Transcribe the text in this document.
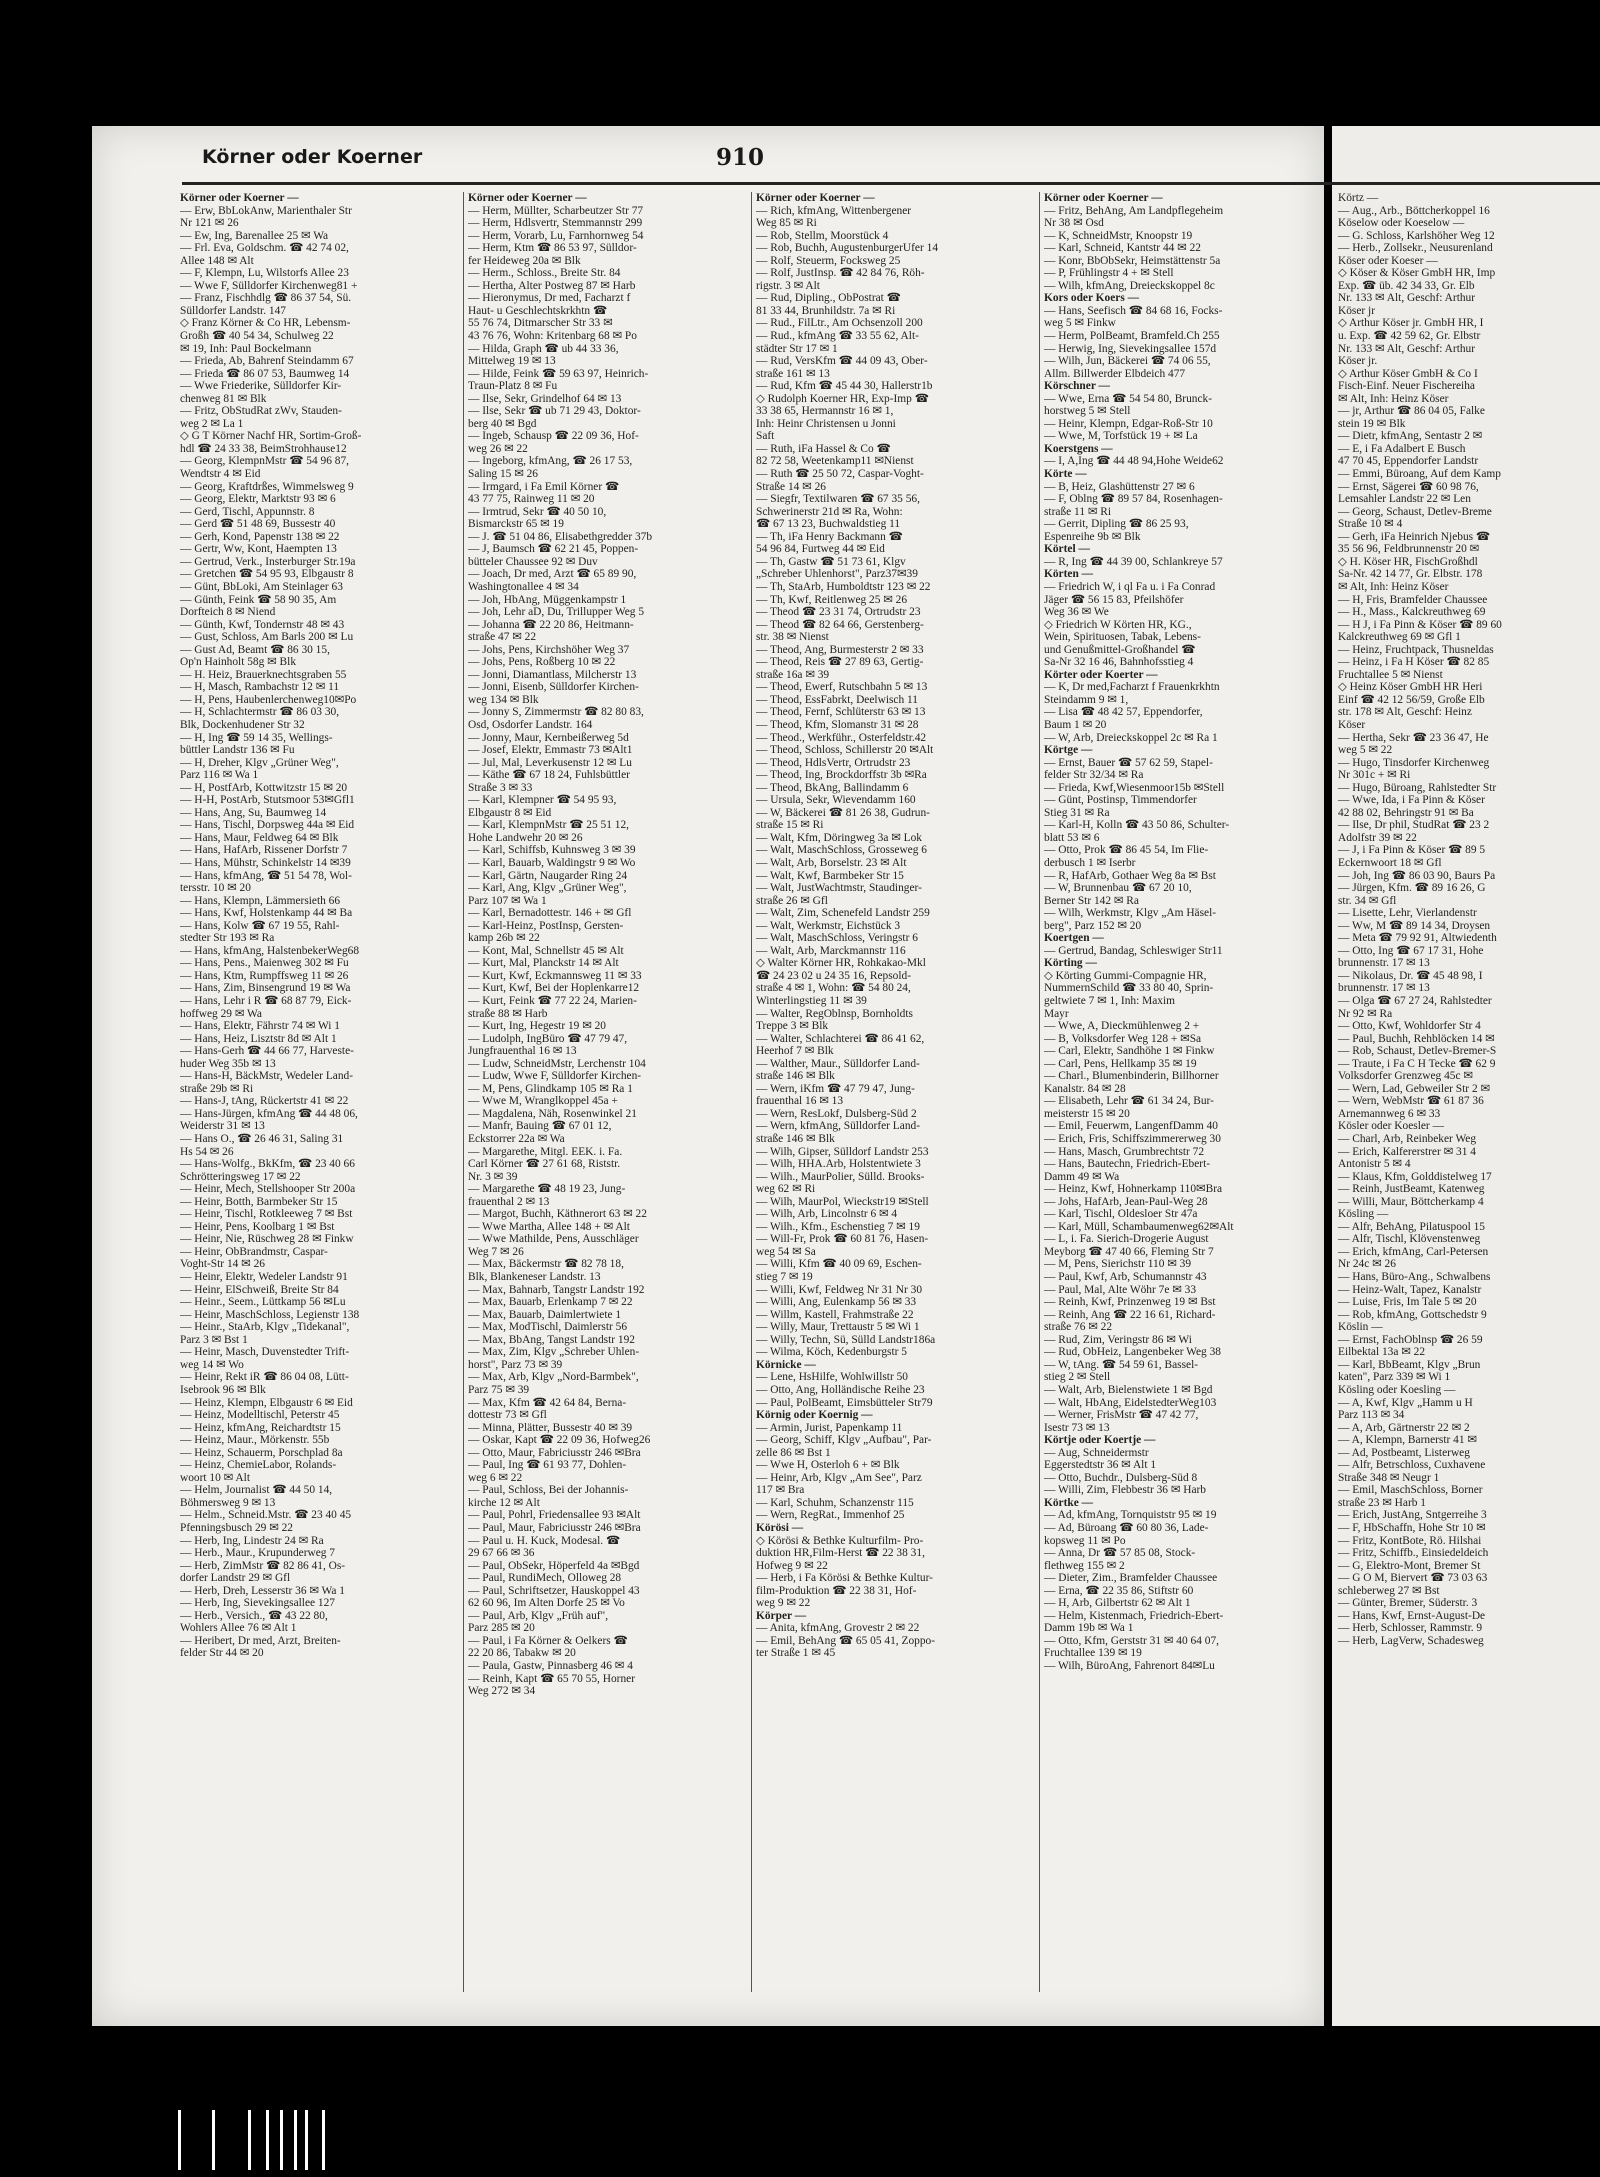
Körner oder Koerner	910
Körner oder Koerner —
— Erw, BbLokAnw, Marienthaler Str
Nr 121 ✉ 26
— Ew, Ing, Barenallee 25 ✉ Wa
— Frl. Eva, Goldschm. ☎ 42 74 02,
Allee 148 ✉ Alt
— F, Klempn, Lu, Wilstorfs Allee 23
— Wwe F, Sülldorfer Kirchenweg81 +
— Franz, Fischhdlg ☎ 86 37 54, Sü.
Sülldorfer Landstr. 147
◇ Franz Körner & Co HR, Lebensm-
Großh ☎ 40 54 34, Schulweg 22
✉ 19, Inh: Paul Bockelmann
— Frieda, Ab, Bahrenf Steindamm 67
— Frieda ☎ 86 07 53, Baumweg 14
— Wwe Friederike, Sülldorfer Kir-
chenweg 81 ✉ Blk
— Fritz, ObStudRat zWv, Stauden-
weg 2 ✉ La 1
◇ G T Körner Nachf HR, Sortim-Groß-
hdl ☎ 24 33 38, BeimStrohhause12
— Georg, KlempnMstr ☎ 54 96 87,
Wendtstr 4 ✉ Eid
— Georg, Kraftdrßes, Wimmelsweg 9
— Georg, Elektr, Marktstr 93 ✉ 6
— Gerd, Tischl, Appunnstr. 8
— Gerd ☎ 51 48 69, Bussestr 40
— Gerh, Kond, Papenstr 138 ✉ 22
— Gertr, Ww, Kont, Haempten 13
— Gertrud, Verk., Insterburger Str.19a
— Gretchen ☎ 54 95 93, Elbgaustr 8
— Günt, BbLoki, Am Steinlager 63
— Günth, Feink ☎ 58 90 35, Am
Dorfteich 8 ✉ Niend
— Günth, Kwf, Tondernstr 48 ✉ 43
— Gust, Schloss, Am Barls 200 ✉ Lu
— Gust Ad, Beamt ☎ 86 30 15,
Op'n Hainholt 58g ✉ Blk
— H. Heiz, Brauerknechtsgraben 55
— H, Masch, Rambachstr 12 ✉ 11
— H, Pens, Haubenlerchenweg10✉Po
— H, Schlachtermstr ☎ 86 03 30,
Blk, Dockenhudener Str 32
— H, Ing ☎ 59 14 35, Wellings-
büttler Landstr 136 ✉ Fu
— H, Dreher, Klgv „Grüner Weg",
Parz 116 ✉ Wa 1
— H, PostfArb, Kottwitzstr 15 ✉ 20
— H-H, PostArb, Stutsmoor 53✉Gfl1
— Hans, Ang, Su, Baumweg 14
— Hans, Tischl, Dorpsweg 44a ✉ Eid
— Hans, Maur, Feldweg 64 ✉ Blk
— Hans, HafArb, Rissener Dorfstr 7
— Hans, Mühstr, Schinkelstr 14 ✉39
— Hans, kfmAng, ☎ 51 54 78, Wol-
tersstr. 10 ✉ 20
— Hans, Klempn, Lämmersieth 66
— Hans, Kwf, Holstenkamp 44 ✉ Ba
— Hans, Kolw ☎ 67 19 55, Rahl-
stedter Str 193 ✉ Ra
— Hans, kfmAng, HalstenbekerWeg68
— Hans, Pens., Maienweg 302 ✉ Fu
— Hans, Ktm, Rumpffsweg 11 ✉ 26
— Hans, Zim, Binsengrund 19 ✉ Wa
— Hans, Lehr i R ☎ 68 87 79, Eick-
hoffweg 29 ✉ Wa
— Hans, Elektr, Fährstr 74 ✉ Wi 1
— Hans, Heiz, Lisztstr 8d ✉ Alt 1
— Hans-Gerh ☎ 44 66 77, Harveste-
huder Weg 35b ✉ 13
— Hans-H, BäckMstr, Wedeler Land-
straße 29b ✉ Ri
— Hans-J, tAng, Rückertstr 41 ✉ 22
— Hans-Jürgen, kfmAng ☎ 44 48 06,
Weiderstr 31 ✉ 13
— Hans O., ☎ 26 46 31, Saling 31
Hs 54 ✉ 26
— Hans-Wolfg., BkKfm, ☎ 23 40 66
Schrötteringsweg 17 ✉ 22
— Heinr, Mech, Stellshooper Str 200a
— Heinr, Botth, Barmbeker Str 15
— Heinr, Tischl, Rotkleeweg 7 ✉ Bst
— Heinr, Pens, Koolbarg 1 ✉ Bst
— Heinr, Nie, Rüschweg 28 ✉ Finkw
— Heinr, ObBrandmstr, Caspar-
Voght-Str 14 ✉ 26
— Heinr, Elektr, Wedeler Landstr 91
— Heinr, ElSchweiß, Breite Str 84
— Heinr., Seem., Lüttkamp 56 ✉Lu
— Heinr, MaschSchloss, Legienstr 138
— Heinr., StaArb, Klgv „Tidekanal",
Parz 3 ✉ Bst 1
— Heinr, Masch, Duvenstedter Trift-
weg 14 ✉ Wo
— Heinr, Rekt iR ☎ 86 04 08, Lütt-
Isebrook 96 ✉ Blk
— Heinz, Klempn, Elbgaustr 6 ✉ Eid
— Heinz, Modelltischl, Peterstr 45
— Heinz, kfmAng, Reichardtstr 15
— Heinz, Maur., Mörkenstr. 55b
— Heinz, Schauerm, Porschplad 8a
— Heinz, ChemieLabor, Rolands-
woort 10 ✉ Alt
— Helm, Journalist ☎ 44 50 14,
Böhmersweg 9 ✉ 13
— Helm., Schneid.Mstr. ☎ 23 40 45
Pfenningsbusch 29 ✉ 22
— Herb, Ing, Lindestr 24 ✉ Ra
— Herb., Maur., Krupunderweg 7
— Herb, ZimMstr ☎ 82 86 41, Os-
dorfer Landstr 29 ✉ Gfl
— Herb, Dreh, Lesserstr 36 ✉ Wa 1
— Herb, Ing, Sievekingsallee 127
— Herb., Versich., ☎ 43 22 80,
Wohlers Allee 76 ✉ Alt 1
— Heribert, Dr med, Arzt, Breiten-
felder Str 44 ✉ 20
Körner oder Koerner —
— Herm, Müllter, Scharbeutzer Str 77
— Herm, Hdlsvertr, Stemmannstr 299
— Herm, Vorarb, Lu, Farnhornweg 54
— Herm, Ktm ☎ 86 53 97, Sülldor-
fer Heideweg 20a ✉ Blk
— Herm., Schloss., Breite Str. 84
— Hertha, Alter Postweg 87 ✉ Harb
— Hieronymus, Dr med, Facharzt f
Haut- u Geschlechtskrkhtn ☎
55 76 74, Ditmarscher Str 33 ✉
43 76 76, Wohn: Kritenbarg 68 ✉ Po
— Hilda, Graph ☎ ub 44 33 36,
Mittelweg 19 ✉ 13
— Hilde, Feink ☎ 59 63 97, Heinrich-
Traun-Platz 8 ✉ Fu
— Ilse, Sekr, Grindelhof 64 ✉ 13
— Ilse, Sekr ☎ ub 71 29 43, Doktor-
berg 40 ✉ Bgd
— Ingeb, Schausp ☎ 22 09 36, Hof-
weg 26 ✉ 22
— Ingeborg, kfmAng, ☎ 26 17 53,
Saling 15 ✉ 26
— Irmgard, i Fa Emil Körner ☎
43 77 75, Rainweg 11 ✉ 20
— Irmtrud, Sekr ☎ 40 50 10,
Bismarckstr 65 ✉ 19
— J. ☎ 51 04 86, Elisabethgredder 37b
— J, Baumsch ☎ 62 21 45, Poppen-
bütteler Chaussee 92 ✉ Duv
— Joach, Dr med, Arzt ☎ 65 89 90,
Washingtonallee 4 ✉ 34
— Joh, HbAng, Müggenkampstr 1
— Joh, Lehr aD, Du, Trillupper Weg 5
— Johanna ☎ 22 20 86, Heitmann-
straße 47 ✉ 22
— Johs, Pens, Kirchshöher Weg 37
— Johs, Pens, Roßberg 10 ✉ 22
— Jonni, Diamantlass, Milcherstr 13
— Jonni, Eisenb, Sülldorfer Kirchen-
weg 134 ✉ Blk
— Jonny S, Zimmermstr ☎ 82 80 83,
Osd, Osdorfer Landstr. 164
— Jonny, Maur, Kernbeißerweg 5d
— Josef, Elektr, Emmastr 73 ✉Alt1
— Jul, Mal, Leverkusenstr 12 ✉ Lu
— Käthe ☎ 67 18 24, Fuhlsbüttler
Straße 3 ✉ 33
— Karl, Klempner ☎ 54 95 93,
Elbgaustr 8 ✉ Eid
— Karl, KlempnMstr ☎ 25 51 12,
Hohe Landwehr 20 ✉ 26
— Karl, Schiffsb, Kuhnsweg 3 ✉ 39
— Karl, Bauarb, Waldingstr 9 ✉ Wo
— Karl, Gärtn, Naugarder Ring 24
— Karl, Ang, Klgv „Grüner Weg",
Parz 107 ✉ Wa 1
— Karl, Bernadottestr. 146 + ✉ Gfl
— Karl-Heinz, PostInsp, Gersten-
kamp 26b ✉ 22
— Kont, Mal, Schnellstr 45 ✉ Alt
— Kurt, Mal, Planckstr 14 ✉ Alt
— Kurt, Kwf, Eckmannsweg 11 ✉ 33
— Kurt, Kwf, Bei der Hoplenkarre12
— Kurt, Feink ☎ 77 22 24, Marien-
straße 88 ✉ Harb
— Kurt, Ing, Hegestr 19 ✉ 20
— Ludolph, IngBüro ☎ 47 79 47,
Jungfrauenthal 16 ✉ 13
— Ludw, SchneidMstr, Lerchenstr 104
— Ludw, Wwe F, Sülldorfer Kirchen-
— M, Pens, Glindkamp 105 ✉ Ra 1
— Wwe M, Wranglkoppel 45a +
— Magdalena, Näh, Rosenwinkel 21
— Manfr, Bauing ☎ 67 01 12,
Eckstorrer 22a ✉ Wa
— Margarethe, Mitgl. EEK. i. Fa.
Carl Körner ☎ 27 61 68, Riststr.
Nr. 3 ✉ 39
— Margarethe ☎ 48 19 23, Jung-
frauenthal 2 ✉ 13
— Margot, Buchh, Käthnerort 63 ✉ 22
— Wwe Martha, Allee 148 + ✉ Alt
— Wwe Mathilde, Pens, Ausschläger
Weg 7 ✉ 26
— Max, Bäckermstr ☎ 82 78 18,
Blk, Blankeneser Landstr. 13
— Max, Bahnarb, Tangstr Landstr 192
— Max, Bauarb, Erlenkamp 7 ✉ 22
— Max, Bauarb, Daimlertwiete 1
— Max, ModTischl, Daimlerstr 56
— Max, BbAng, Tangst Landstr 192
— Max, Zim, Klgv „Schreber Uhlen-
horst", Parz 73 ✉ 39
— Max, Arb, Klgv „Nord-Barmbek",
Parz 75 ✉ 39
— Max, Kfm ☎ 42 64 84, Berna-
dottestr 73 ✉ Gfl
— Minna, Plätter, Bussestr 40 ✉ 39
— Oskar, Kapt ☎ 22 09 36, Hofweg26
— Otto, Maur, Fabriciusstr 246 ✉Bra
— Paul, Ing ☎ 61 93 77, Dohlen-
weg 6 ✉ 22
— Paul, Schloss, Bei der Johannis-
kirche 12 ✉ Alt
— Paul, Pohrl, Friedensallee 93 ✉Alt
— Paul, Maur, Fabriciusstr 246 ✉Bra
— Paul u. H. Kuck, Modesal. ☎
29 67 66 ✉ 36
— Paul, ObSekr, Höperfeld 4a ✉Bgd
— Paul, RundiMech, Olloweg 28
— Paul, Schriftsetzer, Hauskoppel 43
62 60 96, Im Alten Dorfe 25 ✉ Vo
— Paul, Arb, Klgv „Früh auf",
Parz 285 ✉ 20
— Paul, i Fa Körner & Oelkers ☎
22 20 86, Tabakw ✉ 20
— Paula, Gastw, Pinnasberg 46 ✉ 4
— Reinh, Kapt ☎ 65 70 55, Horner
Weg 272 ✉ 34
Körner oder Koerner —
— Rich, kfmAng, Wittenbergener
Weg 85 ✉ Ri
— Rob, Stellm, Moorstück 4
— Rob, Buchh, AugustenburgerUfer 14
— Rolf, Steuerm, Focksweg 25
— Rolf, JustInsp. ☎ 42 84 76, Röh-
rigstr. 3 ✉ Alt
— Rud, Dipling., ObPostrat ☎
81 33 44, Brunhildstr. 7a ✉ Ri
— Rud., FilLtr., Am Ochsenzoll 200
— Rud., kfmAng ☎ 33 55 62, Alt-
städter Str 17 ✉ 1
— Rud, VersKfm ☎ 44 09 43, Ober-
straße 161 ✉ 13
— Rud, Kfm ☎ 45 44 30, Hallerstr1b
◇ Rudolph Koerner HR, Exp-Imp ☎
33 38 65, Hermannstr 16 ✉ 1,
Inh: Heinr Christensen u Jonni
Saft
— Ruth, iFa Hassel & Co ☎
82 72 58, Weetenkamp11 ✉Nienst
— Ruth ☎ 25 50 72, Caspar-Voght-
Straße 14 ✉ 26
— Siegfr, Textilwaren ☎ 67 35 56,
Schwerinerstr 21d ✉ Ra, Wohn:
☎ 67 13 23, Buchwaldstieg 11
— Th, iFa Henry Backmann ☎
54 96 84, Furtweg 44 ✉ Eid
— Th, Gastw ☎ 51 73 61, Klgv
„Schreber Uhlenhorst", Parz37✉39
— Th, StaArb, Humboldtstr 123 ✉ 22
— Th, Kwf, Reitlenweg 25 ✉ 26
— Theod ☎ 23 31 74, Ortrudstr 23
— Theod ☎ 82 64 66, Gerstenberg-
str. 38 ✉ Nienst
— Theod, Ang, Burmesterstr 2 ✉ 33
— Theod, Reis ☎ 27 89 63, Gertig-
straße 16a ✉ 39
— Theod, Ewerf, Rutschbahn 5 ✉ 13
— Theod, EssFabrkt, Deelwisch 11
— Theod, Fernf, Schlüterstr 63 ✉ 13
— Theod, Kfm, Slomanstr 31 ✉ 28
— Theod., Werkführ., Osterfeldstr.42
— Theod, Schloss, Schillerstr 20 ✉Alt
— Theod, HdlsVertr, Ortrudstr 23
— Theod, Ing, Brockdorffstr 3b ✉Ra
— Theod, BkAng, Ballindamm 6
— Ursula, Sekr, Wievendamm 160
— W, Bäckerei ☎ 81 26 38, Gudrun-
straße 15 ✉ Ri
— Walt, Kfm, Döringweg 3a ✉ Lok
— Walt, MaschSchloss, Grosseweg 6
— Walt, Arb, Borselstr. 23 ✉ Alt
— Walt, Kwf, Barmbeker Str 15
— Walt, JustWachtmstr, Staudinger-
straße 26 ✉ Gfl
— Walt, Zim, Schenefeld Landstr 259
— Walt, Werkmstr, Eichstück 3
— Walt, MaschSchloss, Veringstr 6
— Walt, Arb, Marckmannstr 116
◇ Walter Körner HR, Rohkakao-Mkl
☎ 24 23 02 u 24 35 16, Repsold-
straße 4 ✉ 1, Wohn: ☎ 54 80 24,
Winterlingstieg 11 ✉ 39
— Walter, RegOblnsp, Bornholdts
Treppe 3 ✉ Blk
— Walter, Schlachterei ☎ 86 41 62,
Heerhof 7 ✉ Blk
— Walther, Maur., Sülldorfer Land-
straße 146 ✉ Blk
— Wern, iKfm ☎ 47 79 47, Jung-
frauenthal 16 ✉ 13
— Wern, ResLokf, Dulsberg-Süd 2
— Wern, kfmAng, Sülldorfer Land-
straße 146 ✉ Blk
— Wilh, Gipser, Sülldorf Landstr 253
— Wilh, HHA.Arb, Holstentwiete 3
— Wilh., MaurPolier, Sülld. Brooks-
weg 62 ✉ Ri
— Wilh, MaurPol, Wieckstr19 ✉Stell
— Wilh, Arb, Lincolnstr 6 ✉ 4
— Wilh., Kfm., Eschenstieg 7 ✉ 19
— Will-Fr, Prok ☎ 60 81 76, Hasen-
weg 54 ✉ Sa
— Willi, Kfm ☎ 40 09 69, Eschen-
stieg 7 ✉ 19
— Willi, Kwf, Feldweg Nr 31 Nr 30
— Willi, Ang, Eulenkamp 56 ✉ 33
— Willm, Kastell, Frahmstraße 22
— Willy, Maur, Trettaustr 5 ✉ Wi 1
— Willy, Techn, Sü, Sülld Landstr186a
— Wilma, Köch, Kedenburgstr 5
Körnicke —
— Lene, HsHilfe, Wohlwillstr 50
— Otto, Ang, Holländische Reihe 23
— Paul, PolBeamt, Eimsbütteler Str79
Körnig oder Koernig —
— Armin, Jurist, Papenkamp 11
— Georg, Schiff, Klgv „Aufbau", Par-
zelle 86 ✉ Bst 1
— Wwe H, Osterloh 6 + ✉ Blk
— Heinr, Arb, Klgv „Am See", Parz
117 ✉ Bra
— Karl, Schuhm, Schanzenstr 115
— Wern, RegRat., Immenhof 25
Körösi —
◇ Körösi & Bethke Kulturfilm- Pro-
duktion HR,Film-Herst ☎ 22 38 31,
Hofweg 9 ✉ 22
— Herb, i Fa Körösi & Bethke Kultur-
film-Produktion ☎ 22 38 31, Hof-
weg 9 ✉ 22
Körper —
— Anita, kfmAng, Grovestr 2 ✉ 22
— Emil, BehAng ☎ 65 05 41, Zoppo-
ter Straße 1 ✉ 45
Körner oder Koerner —
— Fritz, BehAng, Am Landpflegeheim
Nr 38 ✉ Osd
— K, SchneidMstr, Knoopstr 19
— Karl, Schneid, Kantstr 44 ✉ 22
— Konr, BbObSekr, Heimstättenstr 5a
— P, Frühlingstr 4 + ✉ Stell
— Wilh, kfmAng, Dreieckskoppel 8c
Kors oder Koers —
— Hans, Seefisch ☎ 84 68 16, Focks-
weg 5 ✉ Finkw
— Herm, PolBeamt, Bramfeld.Ch 255
— Herwig, Ing, Sievekingsallee 157d
— Wilh, Jun, Bäckerei ☎ 74 06 55,
Allm. Billwerder Elbdeich 477
Körschner —
— Wwe, Erna ☎ 54 54 80, Brunck-
horstweg 5 ✉ Stell
— Heinr, Klempn, Edgar-Roß-Str 10
— Wwe, M, Torfstück 19 + ✉ La
Koerstgens —
— I, A,Ing ☎ 44 48 94,Hohe Weide62
Körte —
— B, Heiz, Glashüttenstr 27 ✉ 6
— F, Oblng ☎ 89 57 84, Rosenhagen-
straße 11 ✉ Ri
— Gerrit, Dipling ☎ 86 25 93,
Espenreihe 9b ✉ Blk
Körtel —
— R, Ing ☎ 44 39 00, Schlankreye 57
Körten —
— Friedrich W, i ql Fa u. i Fa Conrad
Jäger ☎ 56 15 83, Pfeilshöfer
Weg 36 ✉ We
◇ Friedrich W Körten HR, KG.,
Wein, Spirituosen, Tabak, Lebens-
und Genußmittel-Großhandel ☎
Sa-Nr 32 16 46, Bahnhofsstieg 4
Körter oder Koerter —
— K, Dr med,Facharzt f Frauenkrkhtn
Steindamm 9 ✉ 1,
— Lisa ☎ 48 42 57, Eppendorfer,
Baum 1 ✉ 20
— W, Arb, Dreieckskoppel 2c ✉ Ra 1
Körtge —
— Ernst, Bauer ☎ 57 62 59, Stapel-
felder Str 32/34 ✉ Ra
— Frieda, Kwf,Wiesenmoor15b ✉Stell
— Günt, Postinsp, Timmendorfer
Stieg 31 ✉ Ra
— Karl-H, Kolln ☎ 43 50 86, Schulter-
blatt 53 ✉ 6
— Otto, Prok ☎ 86 45 54, Im Flie-
derbusch 1 ✉ Iserbr
— R, HafArb, Gothaer Weg 8a ✉ Bst
— W, Brunnenbau ☎ 67 20 10,
Berner Str 142 ✉ Ra
— Wilh, Werkmstr, Klgv „Am Häsel-
berg", Parz 152 ✉ 20
Koertgen —
— Gertrud, Bandag, Schleswiger Str11
Körting —
◇ Körting Gummi-Compagnie HR,
NummernSchild ☎ 33 80 40, Sprin-
geltwiete 7 ✉ 1, Inh: Maxim
Mayr
— Wwe, A, Dieckmühlenweg 2 +
— B, Volksdorfer Weg 128 + ✉Sa
— Carl, Elektr, Sandhöhe 1 ✉ Finkw
— Carl, Pens, Hellkamp 35 ✉ 19
— Charl., Blumenbinderin, Billhorner
Kanalstr. 84 ✉ 28
— Elisabeth, Lehr ☎ 61 34 24, Bur-
meisterstr 15 ✉ 20
— Emil, Feuerwm, LangenfDamm 40
— Erich, Fris, Schiffszimmererweg 30
— Hans, Masch, Grumbrechtstr 72
— Hans, Bautechn, Friedrich-Ebert-
Damm 49 ✉ Wa
— Heinz, Kwf, Hohnerkamp 110✉Bra
— Johs, HafArb, Jean-Paul-Weg 28
— Karl, Tischl, Oldesloer Str 47a
— Karl, Müll, Schambaumenweg62✉Alt
— L, i. Fa. Sierich-Drogerie August
Meyborg ☎ 47 40 66, Fleming Str 7
— M, Pens, Sierichstr 110 ✉ 39
— Paul, Kwf, Arb, Schumannstr 43
— Paul, Mal, Alte Wöhr 7e ✉ 33
— Reinh, Kwf, Prinzenweg 19 ✉ Bst
— Reinh, Ang ☎ 22 16 61, Richard-
straße 76 ✉ 22
— Rud, Zim, Veringstr 86 ✉ Wi
— Rud, ObHeiz, Langenbeker Weg 38
— W, tAng. ☎ 54 59 61, Bassel-
stieg 2 ✉ Stell
— Walt, Arb, Bielenstwiete 1 ✉ Bgd
— Walt, HbAng, EidelstedterWeg103
— Werner, FrisMstr ☎ 47 42 77,
Isestr 73 ✉ 13
Körtje oder Koertje —
— Aug, Schneidermstr
Eggerstedtstr 36 ✉ Alt 1
— Otto, Buchdr., Dulsberg-Süd 8
— Willi, Zim, Flebbestr 36 ✉ Harb
Körtke —
— Ad, kfmAng, Tornquiststr 95 ✉ 19
— Ad, Büroang ☎ 60 80 36, Lade-
kopsweg 11 ✉ Po
— Anna, Dr ☎ 57 85 08, Stock-
flethweg 155 ✉ 2
— Dieter, Zim., Bramfelder Chaussee
— Erna, ☎ 22 35 86, Stiftstr 60
— H, Arb, Gilbertstr 62 ✉ Alt 1
— Helm, Kistenmach, Friedrich-Ebert-
Damm 19b ✉ Wa 1
— Otto, Kfm, Gerststr 31 ✉ 40 64 07,
Fruchtallee 139 ✉ 19
— Wilh, BüroAng, Fahrenort 84✉Lu
Körtz —
— Aug., Arb., Böttcherkoppel 16
Köselow oder Koeselow —
— G. Schloss, Karlshöher Weg 12
— Herb., Zollsekr., Neusurenland
Köser oder Koeser —
◇ Köser & Köser GmbH HR, Imp
Exp. ☎ üb. 42 34 33, Gr. Elb
Nr. 133 ✉ Alt, Geschf: Arthur
Köser jr
◇ Arthur Köser jr. GmbH HR, I
u. Exp. ☎ 42 59 62, Gr. Elbstr
Nr. 133 ✉ Alt, Geschf: Arthur
Köser jr.
◇ Arthur Köser GmbH & Co I
Fisch-Einf. Neuer Fischereiha
✉ Alt, Inh: Heinz Köser
— jr, Arthur ☎ 86 04 05, Falke
stein 19 ✉ Blk
— Dietr, kfmAng, Sentastr 2 ✉
— E, i Fa Adalbert E Busch
47 70 45, Eppendorfer Landstr
— Emmi, Büroang, Auf dem Kamp
— Ernst, Sägerei ☎ 60 98 76,
Lemsahler Landstr 22 ✉ Len
— Georg, Schaust, Detlev-Breme
Straße 10 ✉ 4
— Gerh, iFa Heinrich Njebus ☎
35 56 96, Feldbrunnenstr 20 ✉
◇ H. Köser HR, FischGroßhdl
Sa-Nr. 42 14 77, Gr. Elbstr. 178
✉ Alt, Inh: Heinz Köser
— H, Fris, Bramfelder Chaussee
— H., Mass., Kalckreuthweg 69
— H J, i Fa Pinn & Köser ☎ 89 60
Kalckreuthweg 69 ✉ Gfl 1
— Heinz, Fruchtpack, Thusneldas
— Heinz, i Fa H Köser ☎ 82 85
Fruchtallee 5 ✉ Nienst
◇ Heinz Köser GmbH HR Heri
Einf ☎ 42 12 56/59, Große Elb
str. 178 ✉ Alt, Geschf: Heinz
Köser
— Hertha, Sekr ☎ 23 36 47, He
weg 5 ✉ 22
— Hugo, Tinsdorfer Kirchenweg
Nr 301c + ✉ Ri
— Hugo, Büroang, Rahlstedter Str
— Wwe, Ida, i Fa Pinn & Köser
42 88 02, Behringstr 91 ✉ Ba
— Ilse, Dr phil, StudRat ☎ 23 2
Adolfstr 39 ✉ 22
— J, i Fa Pinn & Köser ☎ 89 5
Eckernwoort 18 ✉ Gfl
— Joh, Ing ☎ 86 03 90, Baurs Pa
— Jürgen, Kfm. ☎ 89 16 26, G
str. 34 ✉ Gfl
— Lisette, Lehr, Vierlandenstr
— Ww, M ☎ 89 14 34, Droysen
— Meta ☎ 79 92 91, Altwiedenth
— Otto, Ing ☎ 67 17 31, Hohe
brunnenstr. 17 ✉ 13
— Nikolaus, Dr. ☎ 45 48 98, I
brunnenstr. 17 ✉ 13
— Olga ☎ 67 27 24, Rahlstedter
Nr 92 ✉ Ra
— Otto, Kwf, Wohldorfer Str 4
— Paul, Buchh, Rehblöcken 14 ✉
— Rob, Schaust, Detlev-Bremer-S
— Traute, i Fa C H Tecke ☎ 62 9
Volksdorfer Grenzweg 45c ✉
— Wern, Lad, Gebweiler Str 2 ✉
— Wern, WebMstr ☎ 61 87 36
Arnemannweg 6 ✉ 33
Kösler oder Koesler —
— Charl, Arb, Reinbeker Weg
— Erich, Kalfererstrer ✉ 31 4
Antonistr 5 ✉ 4
— Klaus, Kfm, Golddistelweg 17
— Reinh, JustBeamt, Katenweg
— Willi, Maur, Böttcherkamp 4
Kösling —
— Alfr, BehAng, Pilatuspool 15
— Alfr, Tischl, Klövenstenweg
— Erich, kfmAng, Carl-Petersen
Nr 24c ✉ 26
— Hans, Büro-Ang., Schwalbens
— Heinz-Walt, Tapez, Kanalstr
— Luise, Fris, Im Tale 5 ✉ 20
— Rob, kfmAng, Gottschedstr 9
Köslin —
— Ernst, FachOblnsp ☎ 26 59
Eilbektal 13a ✉ 22
— Karl, BbBeamt, Klgv „Brun
katen", Parz 339 ✉ Wi 1
Kösling oder Koesling —
— A, Kwf, Klgv „Hamm u H
Parz 113 ✉ 34
— A, Arb, Gärtnerstr 22 ✉ 2
— A, Klempn, Barnerstr 41 ✉
— Ad, Postbeamt, Listerweg
— Alfr, Betrschloss, Cuxhavene
Straße 348 ✉ Neugr 1
— Emil, MaschSchloss, Borner
straße 23 ✉ Harb 1
— Erich, JustAng, Sntgerreihe 3
— F, HbSchaffn, Hohe Str 10 ✉
— Fritz, KontBote, Rö. Hilshai
— Fritz, Schiffb., Einsiedeldeich
— G, Elektro-Mont, Bremer St
— G O M, Biervert ☎ 73 03 63
schleberweg 27 ✉ Bst
— Günter, Bremer, Süderstr. 3
— Hans, Kwf, Ernst-August-De
— Herb, Schlosser, Rammstr. 9
— Herb, LagVerw, Schadesweg
Körtz
